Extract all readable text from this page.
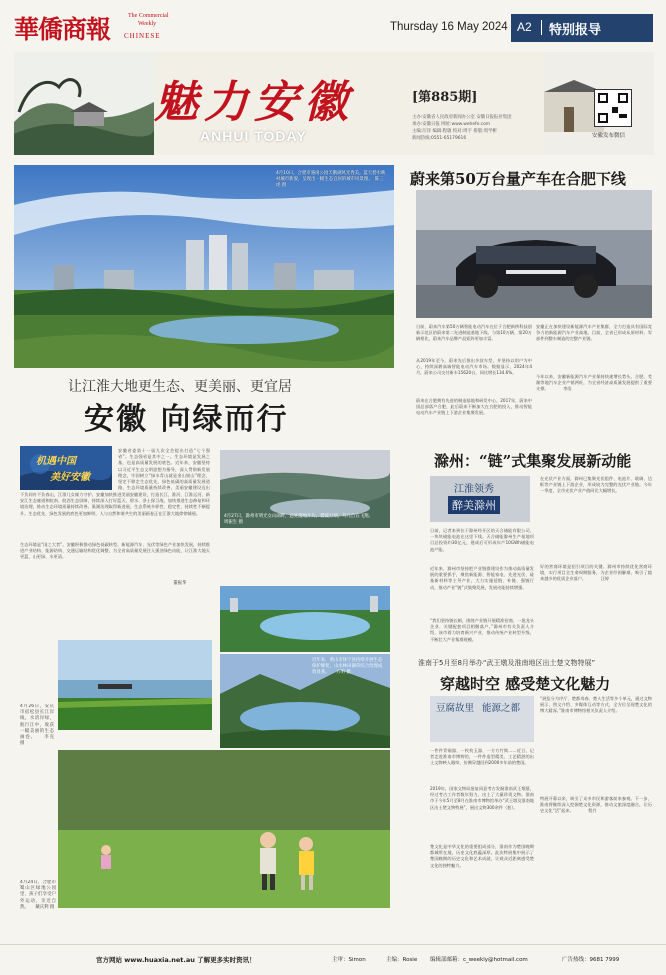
華僑商報	The Commercial
Weekly
CHINESE
Thursday 16 May 2024 A2 特别报导
魅力安徽
ANHUI TODAY
[第885期]
主办:安徽省人民政府新闻办公室 安徽日报报业集团
承办:安徽日报 网址:www.wehefe.com
主编:汪洋 编辑:程敏 校对:周宇 排版:周学彬
新闻热线:0551-65179616	安徽发布微信
4月10日，合肥市骆岗公园天鹅湖风光秀美。蓝天碧水映衬城市新貌，呈现出一幅生态宜居的城市风景图。　陈三虎 摄
让江淮大地更生态、更美丽、更宜居
安徽 向绿而行
机遇中国
美好安徽
安徽省委第十一届九次全会提出打造“七个强省”。生态强省是其中之一。生态环境是发展之基，也是高质量发展的底色。近年来，安徽坚持以习近平生态文明思想为指导，深入贯彻新发展理念，牢固树立“绿水青山就是金山银山”理念，坚定不移走生态优先、绿色低碳的高质量发展道路，生态环境质量持续改善，美丽安徽建设迈出
不负同舟不负春山，江淮儿女倾力守护。安徽加快推进美丽安徽建设，打造长江、淮河、江淮运河、新安江生态廊道和皖南、皖西生态屏障，持续深入打好蓝天、碧水、净土保卫战，加快推进生态修复和环境治理，推动生态环境质量持续改善。巢湖治理取得新进展，生态系统多样性、稳定性、持续性不断提升。生态优先、绿色发展的底色更加鲜明，人与自然和谐共生的美丽画卷正在江淮大地徐徐铺展。
生态环境是“国之大者”。安徽积极推动绿色低碳转型，新能源汽车、光伏等绿色产业加快发展，持续推进产业结构、能源结构、交通运输结构优化调整，为全省高质量发展注入强劲绿色动能，让江淮大地天更蓝、山更绿、水更清。
　　　董振华
4月27日，滁州市明光女山湖畔，远处湿地片片，碧波万顷，鸟儿自在飞翔。　　　周振生 摄
4月26日，安庆市宿松县长江岸线，水清岸绿，航行江中，收获一幅美丽的生态画卷。　　李克 摄
近年来，黄山市休宁县持续开展生态保护修复，山水林田湖草综合治理成效显著。　　方明 摄
4月24日，合肥市蜀山区绿地公园里，孩子们享受户外运动，亲近自然。　　戴庆利 摄
蔚来第50万台量产车在合肥下线
日前，蔚来汽车第50万辆智能电动汽车在位于合肥新桥科技创新示范区的蔚来第二先进制造基地下线。与第10万辆、第20万辆相比，蔚来汽车品牌产品矩阵更加丰富。
从2019年至今，蔚来先后推出多款车型，并坚持以用户为中心，持续深耕高端智能电动汽车市场。数据显示，2024年4月，蔚来公司交付新车15620台，同比增长134.6%。
蔚来在合肥拥有先进的制造基地和研发中心。2017年，蔚来中国总部落户合肥，此后蔚来不断加大在合肥的投入，推动智能电动汽车产业链上下游企业集聚发展。
安徽正在加快建设新能源汽车产业集群，全力打造具有国际竞争力的新能源汽车产业高地。目前，全省已形成从原材料、零部件到整车制造的完整产业链。
今年以来，安徽新能源汽车产业保持快速增长势头。合肥、芜湖等地汽车企业产销两旺，为全省经济高质量发展提供了重要支撑。　　　　李浩
滁州：“链”式集聚发展新动能
江淮领秀
醉美滁州
日前，记者来到位于滁州经开区的天合储能有限公司，一块块储能电池在这里下线。天合储能滁州生产基地项目总投资约30亿元，建成后可形成年产10GWh储能电池产能。
近年来，滁州市坚持把产业链群建设作为推动高质量发展的重要抓手，聚焦新能源、智能家电、先进光伏、硅基新材料等主导产业，大力实施延链、补链、强链行动，推动产业“链”式集聚发展，发展动能持续增强。
“我们坚持链长制，围绕产业链开展精准招商，一批龙头企业、关键配套项目相继落户。”滁州市有关负责人介绍，该市着力培育新兴产业，推动传统产业转型升级，不断壮大产业集群规模。
在光伏产业方面，滁州已集聚光伏组件、电池片、玻璃、边框等产业链上下游企业，形成较为完整的光伏产业链。今年一季度，全市光伏产业产值同比大幅增长。
好的营商环境是招引项目的关键。滁州市持续优化营商环境，实行项目全生命周期服务，为企业纾困解难，吸引了越来越多的优质企业落户。　　　　汪婷
淮南于5月至8月举办“武王墩及淮南地区出土楚文物特展”
穿越时空 感受楚文化魅力
豆腐故里 能源之都
一件件青铜器、一枚枚玉器、一方方竹简……近日，记者走进淮南市博物馆，一件件造型精美、工艺精湛的出土文物映入眼帘，仿佛穿越回到2000多年前的楚国。
2019年，国家文物局批复同意考古发掘淮南武王墩墓，经过考古工作者数年努力，出土了大量珍贵文物。淮南市于今年5月至8月在淮南市博物馆举办“武王墩及淮南地区出土楚文物特展”，展出文物300余件（套）。
楚文化是中华文化的重要组成部分，淮南作为楚国晚期都城所在地，历史文化底蕴深厚。此次特展集中展示了楚国晚期的历史文化和艺术成就，让观众近距离感受楚文化的独特魅力。
“展览分为序厅、楚都寿春、楚人生活等多个单元，通过文物展示、图文介绍、多媒体互动等方式，全方位呈现楚文化的博大精深。”淮南市博物馆相关负责人介绍。
特展开幕以来，吸引了众多市民和游客前来参观。下一步，淮南将继续深入挖掘楚文化资源，推动文旅深度融合，让历史文化“活”起来。　　　　程竹
官方网站 www.huaxia.net.au 了解更多实时资讯！	主审：Simon	主编：Rosie 编辑部邮箱：c_weekly@hotmail.com	广告热线：9681 7999
